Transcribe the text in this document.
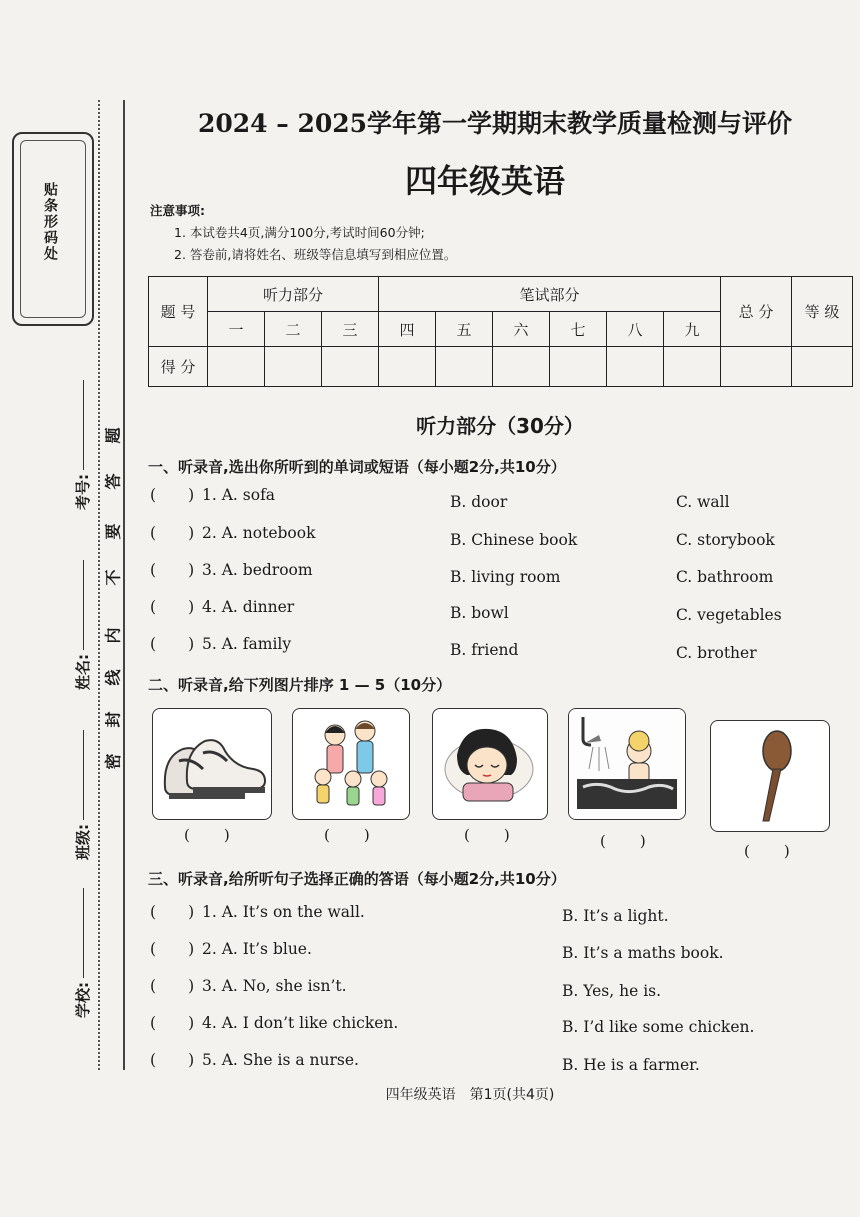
贴条形码处
考号:
姓名:
班级:
学校:
密
封
线
内
不
要
答
题
2024 – 2025学年第一学期期末教学质量检测与评价
四年级英语
注意事项:
1. 本试卷共4页,满分100分,考试时间60分钟;
2. 答卷前,请将姓名、班级等信息填写到相应位置。
题 号	听力部分			笔试部分						总 分	等 级
	一	二	三	四	五	六	七	八	九		
得 分											
听力部分（30分）
一、听录音,选出你所听到的单词或短语（每小题2分,共10分）
( ) 1. A. sofa	B. door	C. wall
( ) 2. A. notebook	B. Chinese book	C. storybook
( ) 3. A. bedroom	B. living room	C. bathroom
( ) 4. A. dinner	B. bowl	C. vegetables
( ) 5. A. family	B. friend	C. brother
二、听录音,给下列图片排序 1 — 5（10分）
( )	( )	( )	( )
( )
三、听录音,给所听句子选择正确的答语（每小题2分,共10分）
( ) 1. A. It’s on the wall.	B. It’s a light.
( ) 2. A. It’s blue.	B. It’s a maths book.
( ) 3. A. No, she isn’t.	B. Yes, he is.
( ) 4. A. I don’t like chicken.	B. I’d like some chicken.
( ) 5. A. She is a nurse.	B. He is a farmer.
四年级英语　第1页(共4页)
